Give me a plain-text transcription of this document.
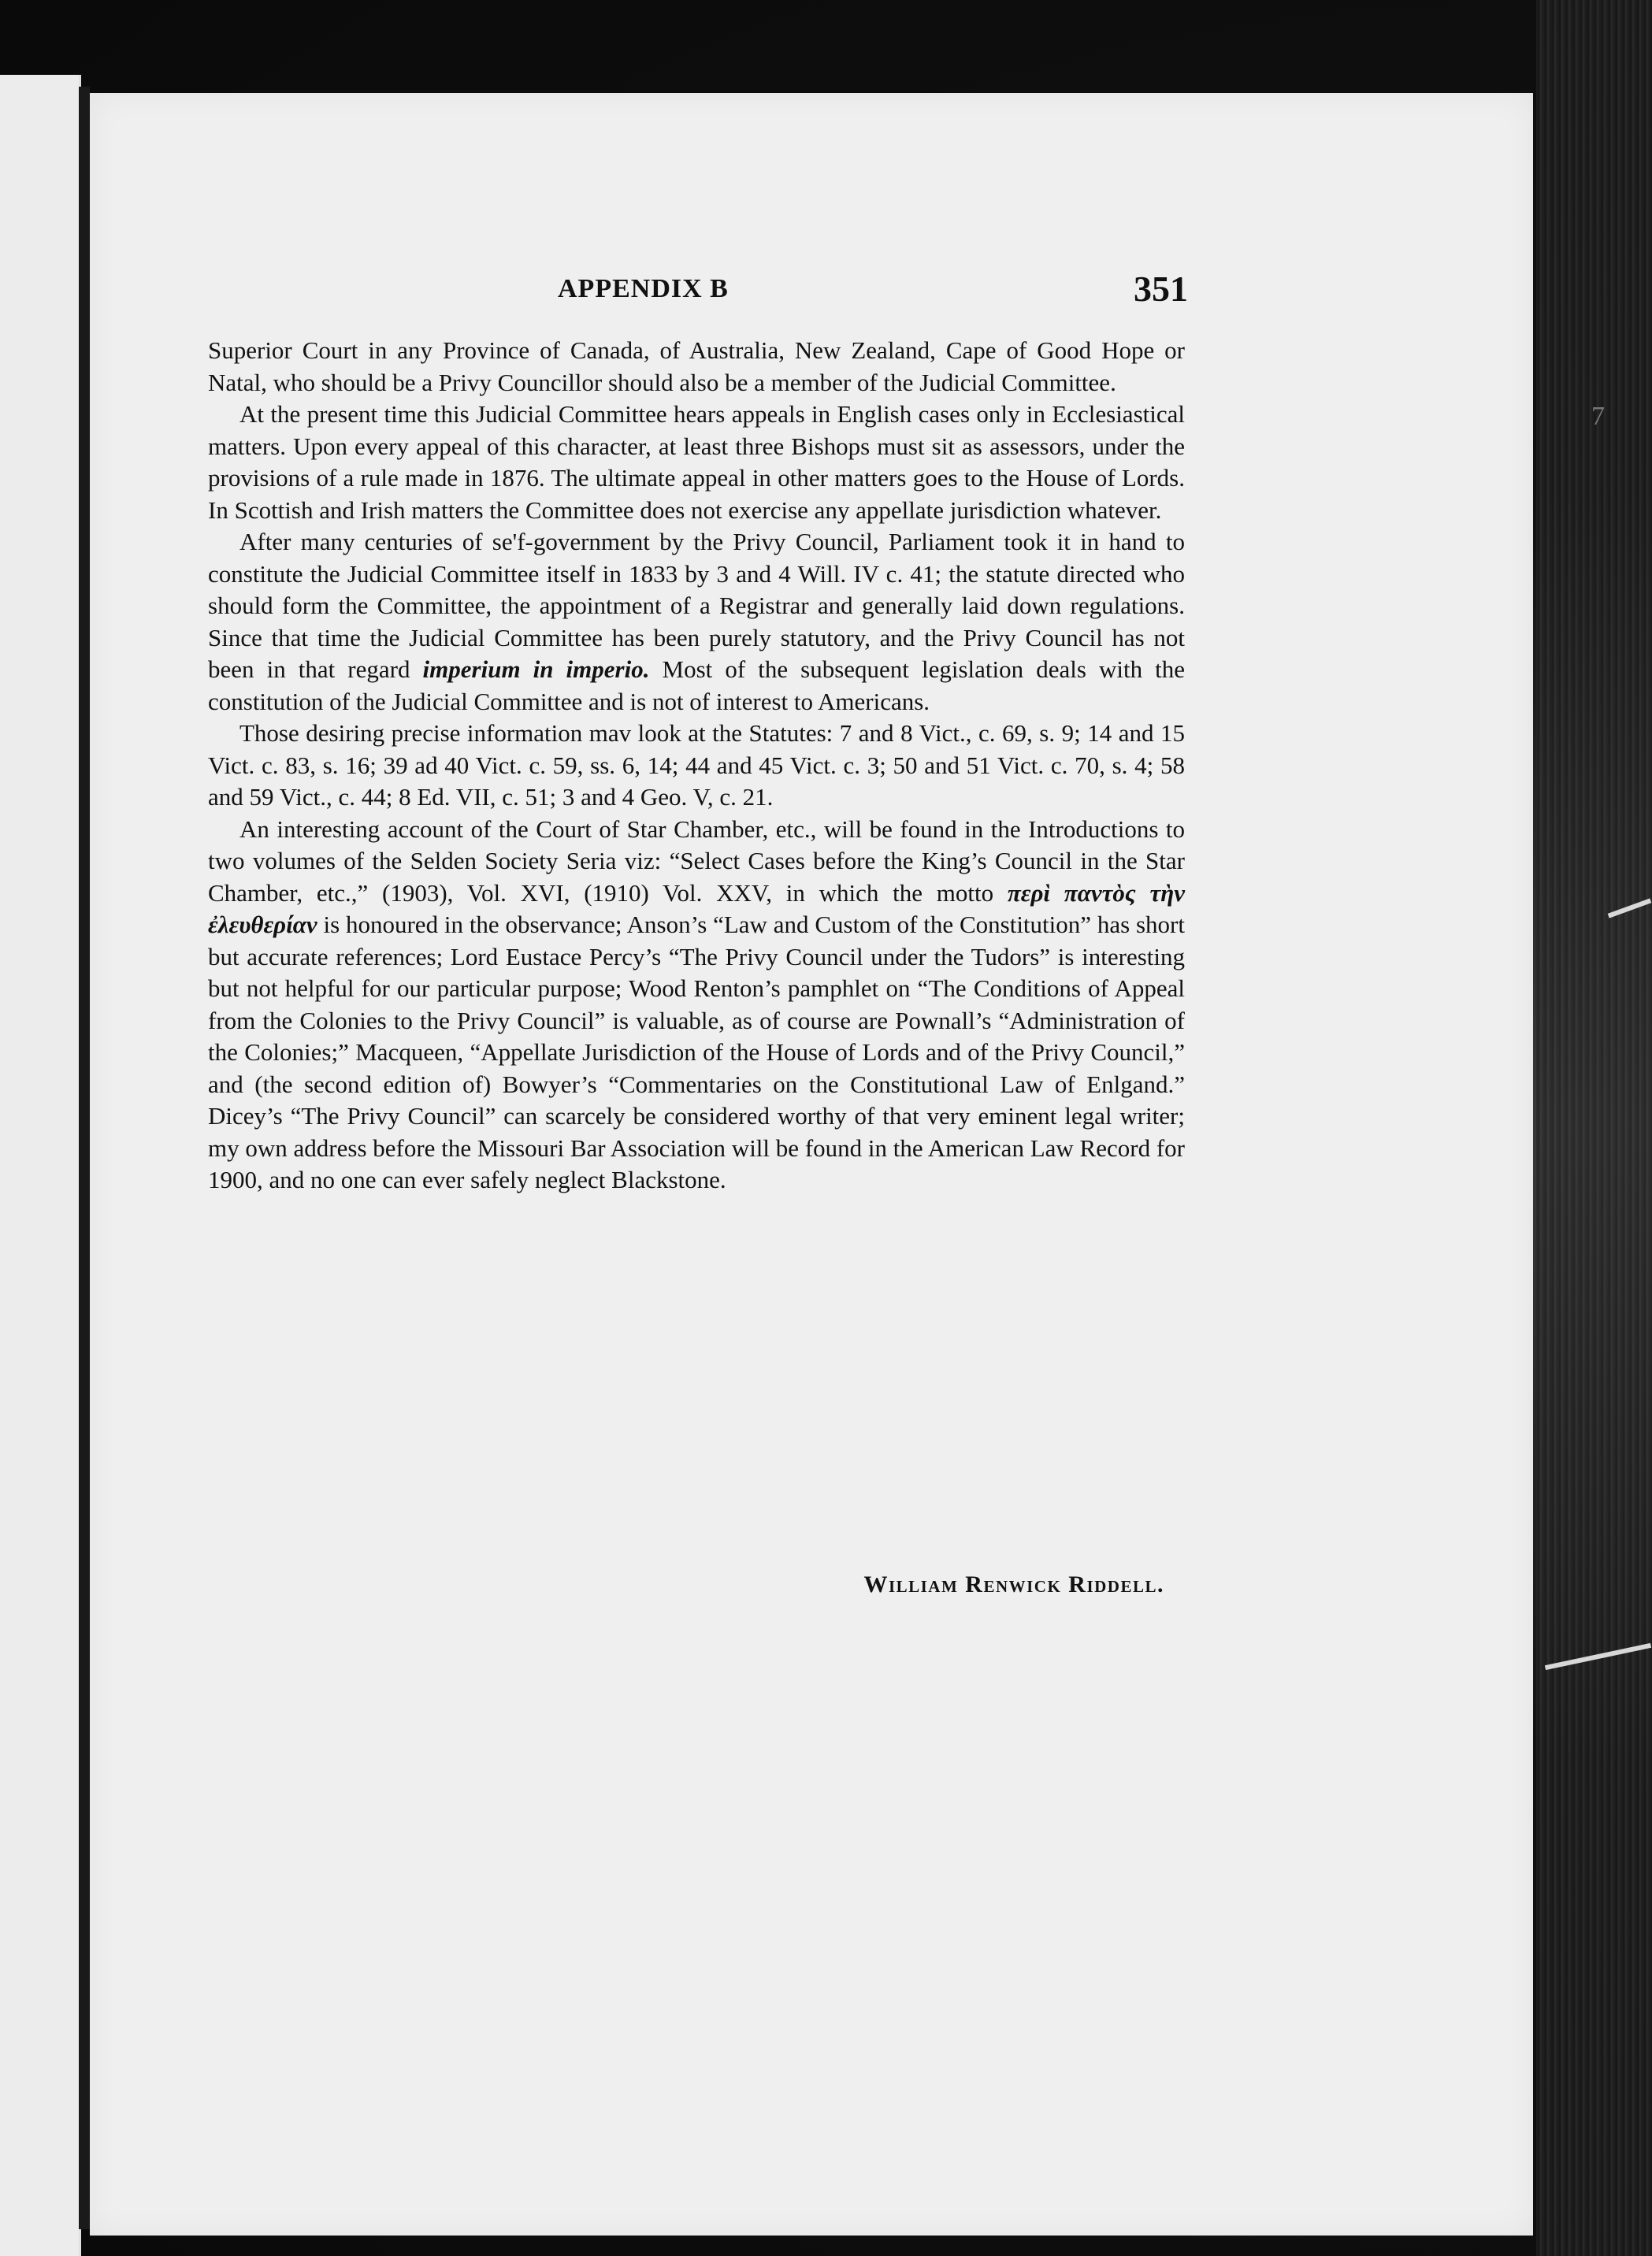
7
APPENDIX B	351

Superior Court in any Province of Canada, of Australia, New Zealand, Cape of Good Hope or Natal, who should be a Privy Councillor should also be a member of the Judicial Committee.

At the present time this Judicial Committee hears appeals in English cases only in Ecclesiastical matters. Upon every appeal of this character, at least three Bishops must sit as assessors, under the provisions of a rule made in 1876. The ultimate appeal in other matters goes to the House of Lords. In Scottish and Irish matters the Committee does not exercise any appellate jurisdiction whatever.

After many centuries of se'f-government by the Privy Council, Parliament took it in hand to constitute the Judicial Committee itself in 1833 by 3 and 4 Will. IV c. 41; the statute directed who should form the Committee, the appointment of a Registrar and generally laid down regulations. Since that time the Judicial Committee has been purely statutory, and the Privy Council has not been in that regard imperium in imperio. Most of the subsequent legislation deals with the constitution of the Judicial Committee and is not of interest to Americans.

Those desiring precise information mav look at the Statutes: 7 and 8 Vict., c. 69, s. 9; 14 and 15 Vict. c. 83, s. 16; 39 ad 40 Vict. c. 59, ss. 6, 14; 44 and 45 Vict. c. 3; 50 and 51 Vict. c. 70, s. 4; 58 and 59 Vict., c. 44; 8 Ed. VII, c. 51; 3 and 4 Geo. V, c. 21.

An interesting account of the Court of Star Chamber, etc., will be found in the Introductions to two volumes of the Selden Society Seria viz: “Select Cases before the King’s Council in the Star Chamber, etc.,” (1903), Vol. XVI, (1910) Vol. XXV, in which the motto περὶ παντὸς τὴν ἐλευθερίαν is honoured in the observance; Anson’s “Law and Custom of the Constitution” has short but accurate references; Lord Eustace Percy’s “The Privy Council under the Tudors” is interesting but not helpful for our particular purpose; Wood Renton’s pamphlet on “The Conditions of Appeal from the Colonies to the Privy Council” is valuable, as of course are Pownall’s “Administration of the Colonies;” Macqueen, “Appellate Jurisdiction of the House of Lords and of the Privy Council,” and (the second edition of) Bowyer’s “Commentaries on the Constitutional Law of Enlgand.” Dicey’s “The Privy Council” can scarcely be considered worthy of that very eminent legal writer; my own address before the Missouri Bar Association will be found in the American Law Record for 1900, and no one can ever safely neglect Blackstone.

William Renwick Riddell.
